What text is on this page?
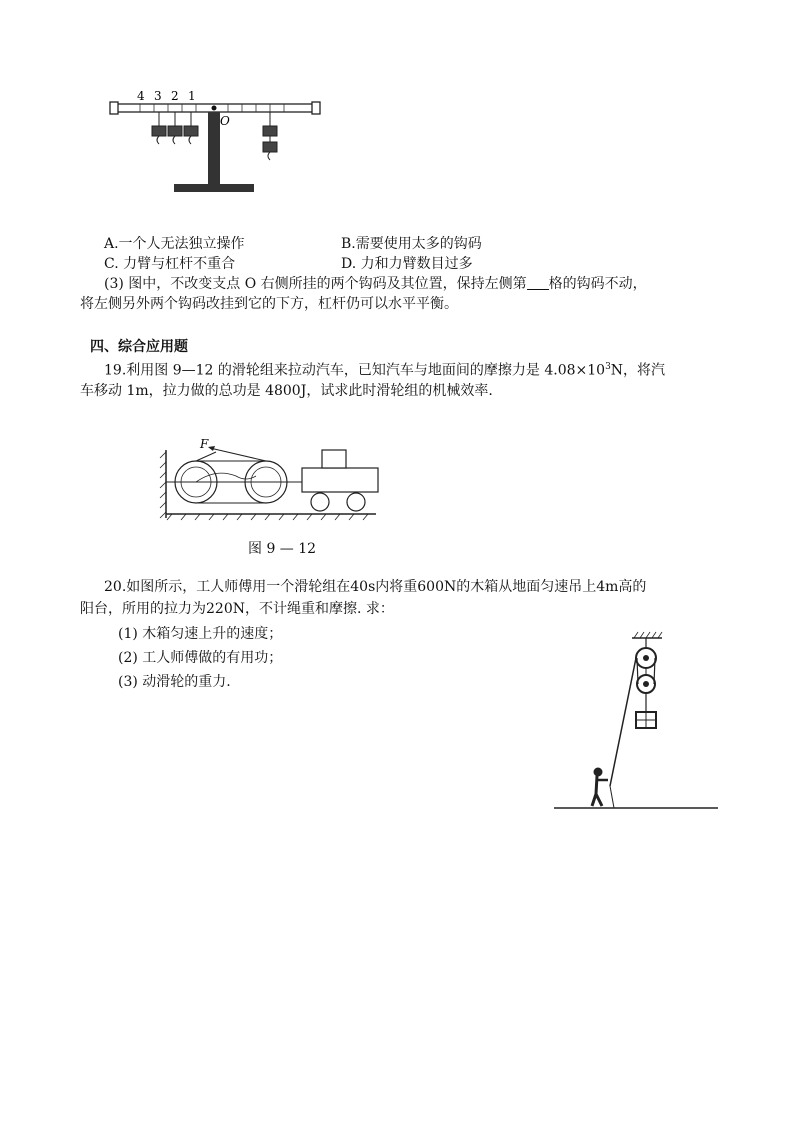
4 3 2 1
O
A.一个人无法独立操作	B.需要使用太多的钩码
C. 力臂与杠杆不重合	D. 力和力臂数目过多
(3) 图中，不改变支点 O 右侧所挂的两个钩码及其位置，保持左侧第 格的钩码不动，
将左侧另外两个钩码改挂到它的下方，杠杆仍可以水平平衡。
四、综合应用题
19.利用图 9—12 的滑轮组来拉动汽车，已知汽车与地面间的摩擦力是 $4.08\times 10^3N$，将汽
车移动 1m，拉力做的总功是 4800J，试求此时滑轮组的机械效率.
F
图 9 — 12
20.如图所示，工人师傅用一个滑轮组在40s内将重600N的木箱从地面匀速吊上4m高的
阳台，所用的拉力为220N，不计绳重和摩擦. 求：
(1) 木箱匀速上升的速度；
(2) 工人师傅做的有用功；
(3) 动滑轮的重力.
